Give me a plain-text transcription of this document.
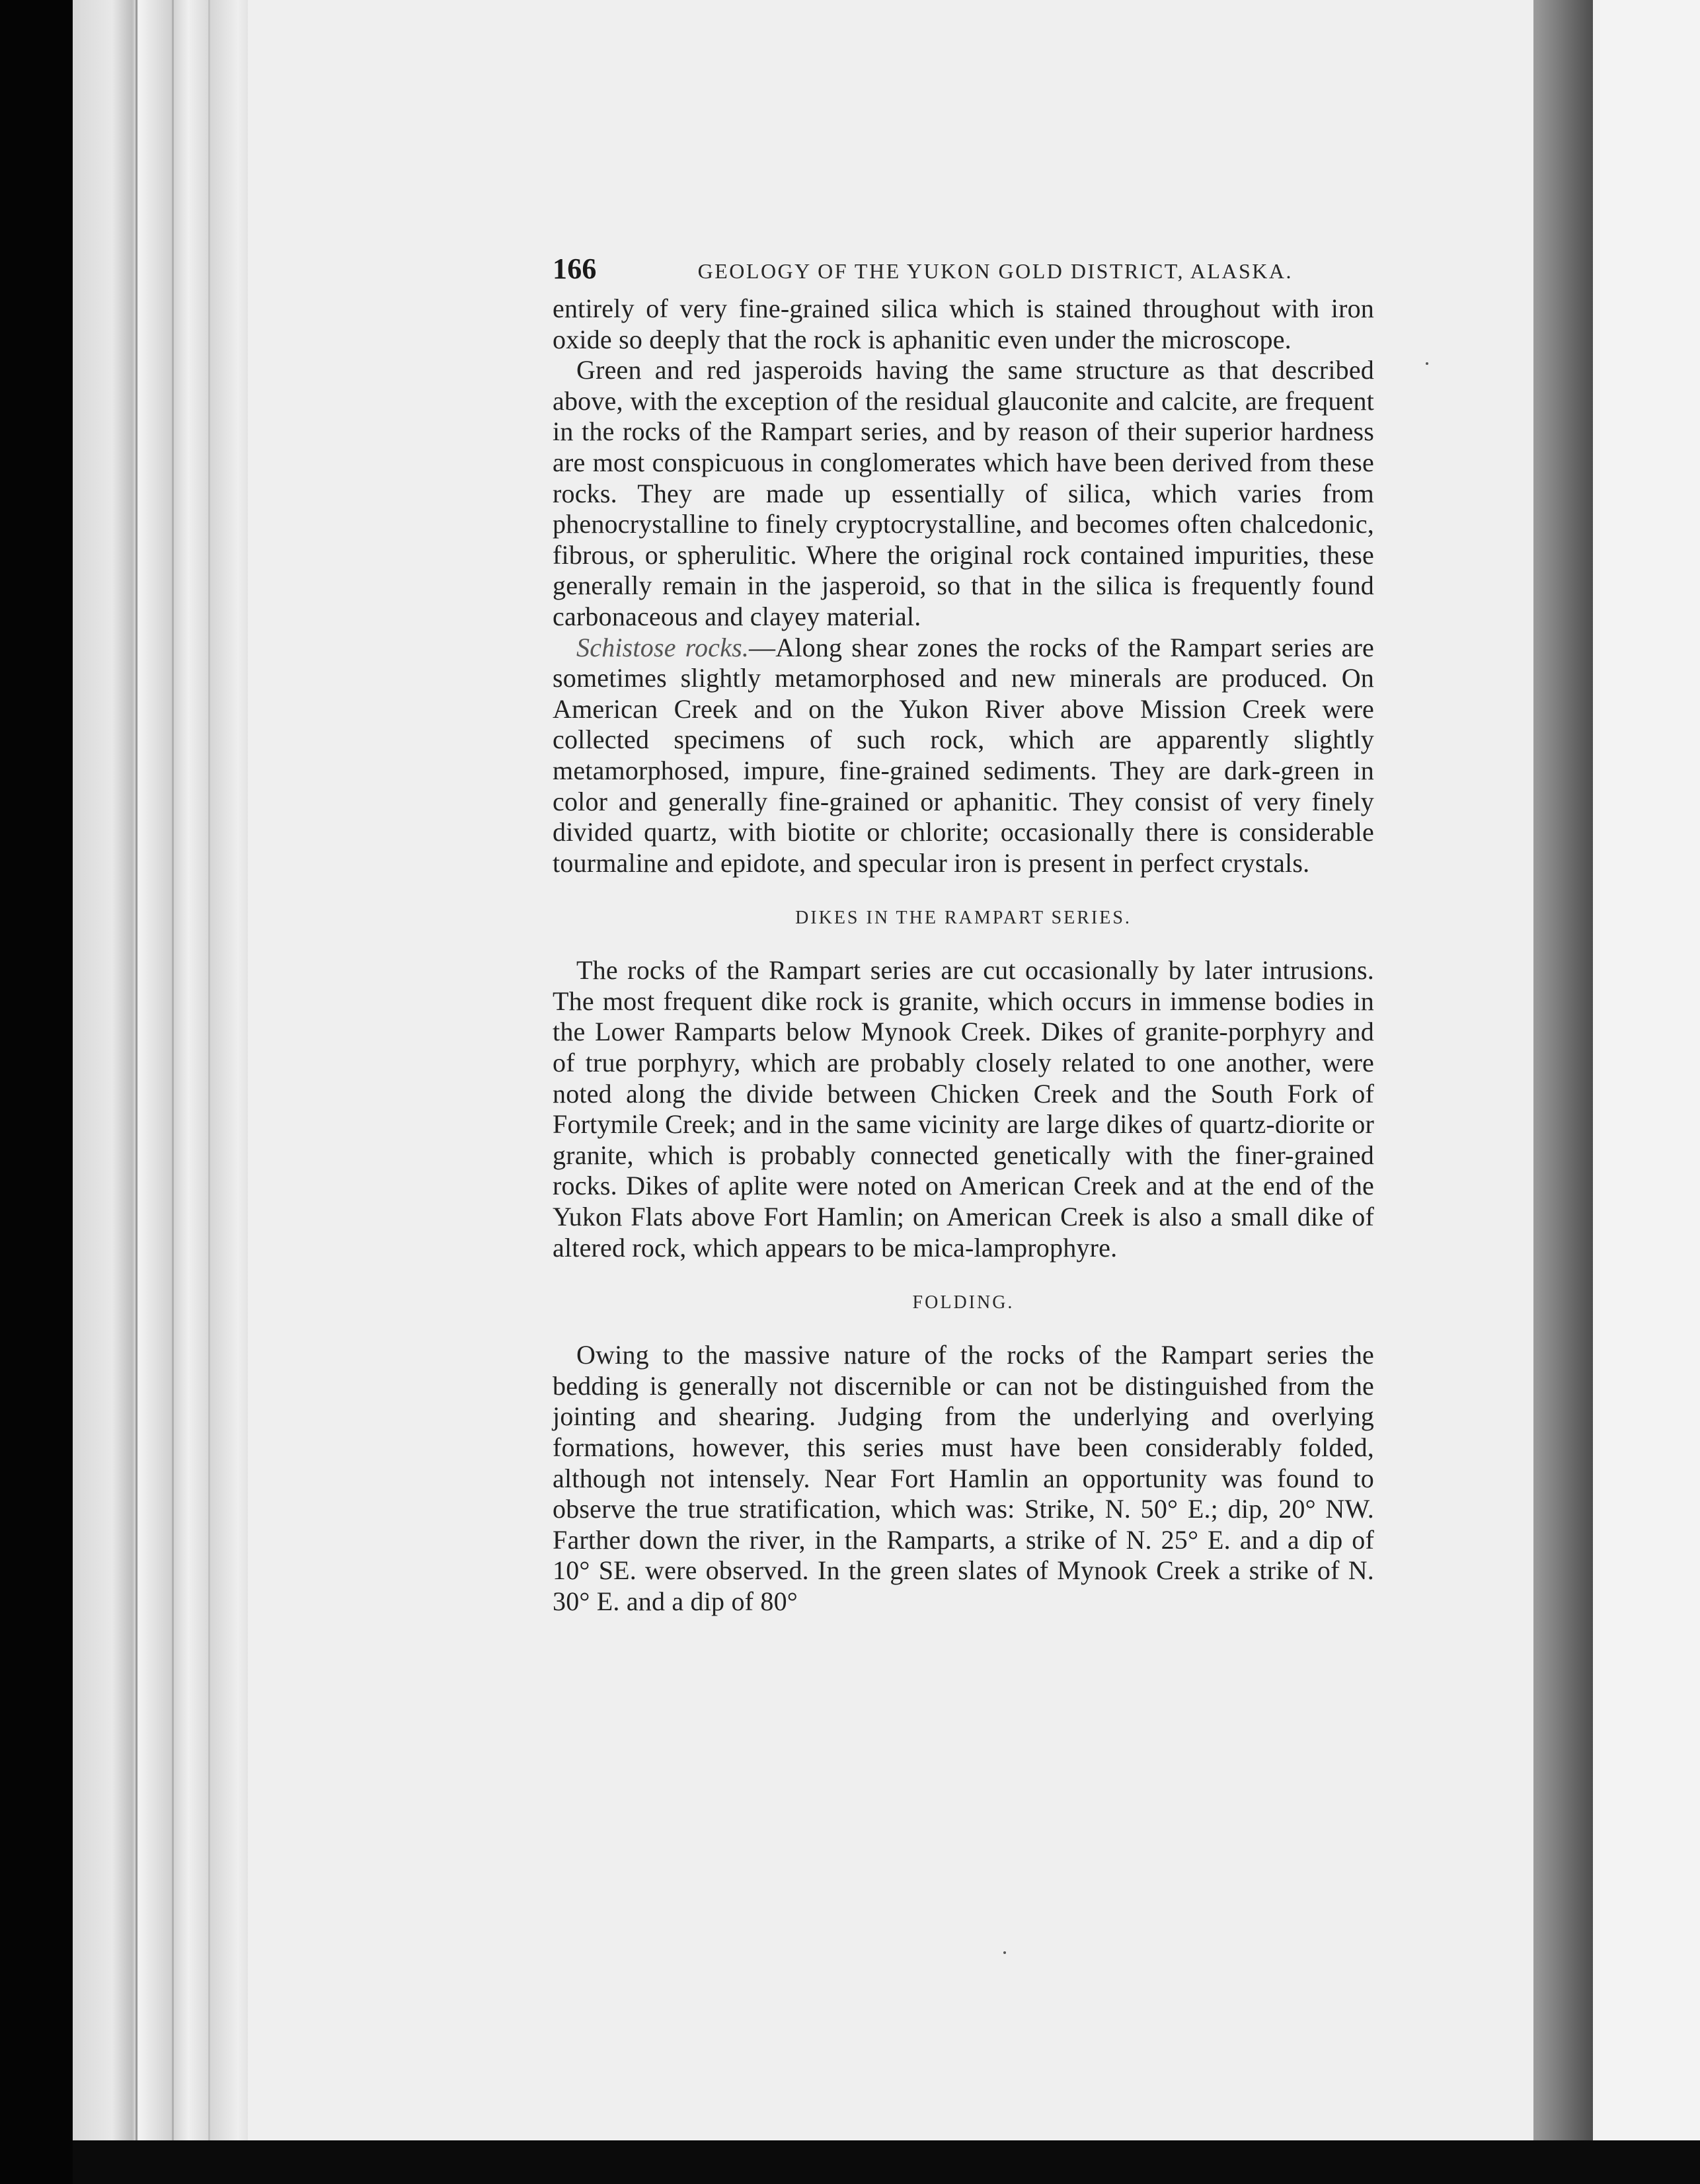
166	GEOLOGY OF THE YUKON GOLD DISTRICT, ALASKA.

entirely of very fine-grained silica which is stained throughout with iron oxide so deeply that the rock is aphanitic even under the microscope.

Green and red jasperoids having the same structure as that described above, with the exception of the residual glauconite and calcite, are frequent in the rocks of the Rampart series, and by reason of their superior hardness are most conspicuous in conglomerates which have been derived from these rocks. They are made up essentially of silica, which varies from phenocrystalline to finely cryptocrystalline, and becomes often chalcedonic, fibrous, or spherulitic. Where the original rock contained impurities, these generally remain in the jasperoid, so that in the silica is frequently found carbonaceous and clayey material.

Schistose rocks.—Along shear zones the rocks of the Rampart series are sometimes slightly metamorphosed and new minerals are produced. On American Creek and on the Yukon River above Mission Creek were collected specimens of such rock, which are apparently slightly metamorphosed, impure, fine-grained sediments. They are dark-green in color and generally fine-grained or aphanitic. They consist of very finely divided quartz, with biotite or chlorite; occasionally there is considerable tourmaline and epidote, and specular iron is present in perfect crystals.

DIKES IN THE RAMPART SERIES.

The rocks of the Rampart series are cut occasionally by later intrusions. The most frequent dike rock is granite, which occurs in immense bodies in the Lower Ramparts below Mynook Creek. Dikes of granite-porphyry and of true porphyry, which are probably closely related to one another, were noted along the divide between Chicken Creek and the South Fork of Fortymile Creek; and in the same vicinity are large dikes of quartz-diorite or granite, which is probably connected genetically with the finer-grained rocks. Dikes of aplite were noted on American Creek and at the end of the Yukon Flats above Fort Hamlin; on American Creek is also a small dike of altered rock, which appears to be mica-lamprophyre.

FOLDING.

Owing to the massive nature of the rocks of the Rampart series the bedding is generally not discernible or can not be distinguished from the jointing and shearing. Judging from the underlying and overlying formations, however, this series must have been considerably folded, although not intensely. Near Fort Hamlin an opportunity was found to observe the true stratification, which was: Strike, N. 50° E.; dip, 20° NW. Farther down the river, in the Ramparts, a strike of N. 25° E. and a dip of 10° SE. were observed. In the green slates of Mynook Creek a strike of N. 30° E. and a dip of 80°
